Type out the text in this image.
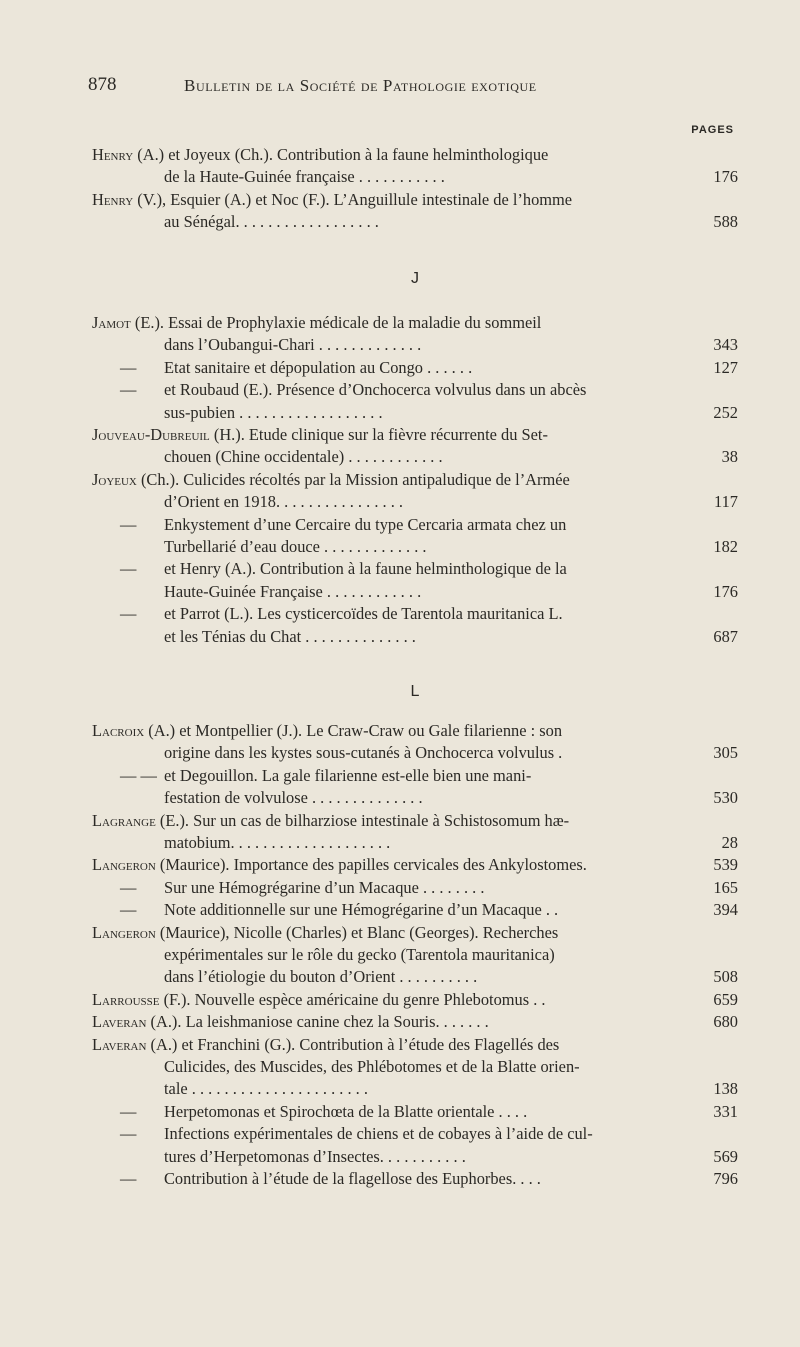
878	Bulletin de la Société de Pathologie exotique
PAGES
Henry (A.) et Joyeux (Ch.). Contribution à la faune helminthologique
de la Haute-Guinée française . . . . . . . . . . .	176
Henry (V.), Esquier (A.) et Noc (F.). L’Anguillule intestinale de l’homme
au Sénégal. . . . . . . . . . . . . . . . . .	588
J
Jamot (E.). Essai de Prophylaxie médicale de la maladie du sommeil
dans l’Oubangui-Chari . . . . . . . . . . . . .	343
— Etat sanitaire et dépopulation au Congo . . . . . .	127
— et Roubaud (E.). Présence d’Onchocerca volvulus dans un abcès
sus-pubien . . . . . . . . . . . . . . . . . .	252
Jouveau-Dubreuil (H.). Etude clinique sur la fièvre récurrente du Set-
chouen (Chine occidentale) . . . . . . . . . . . .	38
Joyeux (Ch.). Culicides récoltés par la Mission antipaludique de l’Armée
d’Orient en 1918. . . . . . . . . . . . . . . .	117
— Enkystement d’une Cercaire du type Cercaria armata chez un
Turbellarié d’eau douce . . . . . . . . . . . . .	182
— et Henry (A.). Contribution à la faune helminthologique de la
Haute-Guinée Française . . . . . . . . . . . .	176
— et Parrot (L.). Les cysticercoïdes de Tarentola mauritanica L.
et les Ténias du Chat . . . . . . . . . . . . . .	687
L
Lacroix (A.) et Montpellier (J.). Le Craw-Craw ou Gale filarienne : son
origine dans les kystes sous-cutanés à Onchocerca volvulus .	305
— — et Degouillon. La gale filarienne est-elle bien une mani-
festation de volvulose . . . . . . . . . . . . . .	530
Lagrange (E.). Sur un cas de bilharziose intestinale à Schistosomum hæ-
matobium. . . . . . . . . . . . . . . . . . . .	28
Langeron (Maurice). Importance des papilles cervicales des Ankylostomes.	539
— Sur une Hémogrégarine d’un Macaque . . . . . . . .	165
— Note additionnelle sur une Hémogrégarine d’un Macaque . .	394
Langeron (Maurice), Nicolle (Charles) et Blanc (Georges). Recherches
expérimentales sur le rôle du gecko (Tarentola mauritanica)
dans l’étiologie du bouton d’Orient . . . . . . . . . .	508
Larrousse (F.). Nouvelle espèce américaine du genre Phlebotomus . .	659
Laveran (A.). La leishmaniose canine chez la Souris. . . . . . .	680
Laveran (A.) et Franchini (G.). Contribution à l’étude des Flagellés des
Culicides, des Muscides, des Phlébotomes et de la Blatte orien-
tale . . . . . . . . . . . . . . . . . . . . . .	138
— Herpetomonas et Spirochœta de la Blatte orientale . . . .	331
— Infections expérimentales de chiens et de cobayes à l’aide de cul-
tures d’Herpetomonas d’Insectes. . . . . . . . . . .	569
— Contribution à l’étude de la flagellose des Euphorbes. . . .	796
